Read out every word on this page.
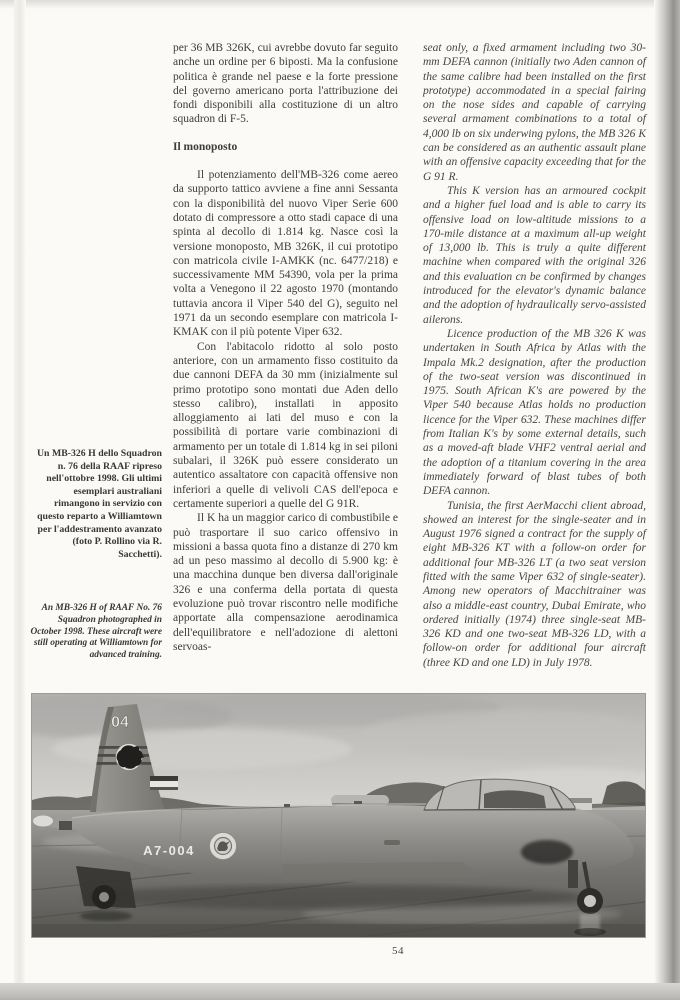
Un MB-326 H dello Squadron n. 76 della RAAF ripreso nell'ottobre 1998. Gli ultimi esemplari australiani rimangono in servizio con questo reparto a Williamtown per l'addestramento avanzato (foto P. Rollino via R. Sacchetti).
An MB-326 H of RAAF No. 76 Squadron photographed in October 1998. These aircraft were still operating at Williamtown for advanced training.

per 36 MB 326K, cui avrebbe dovuto far seguito anche un ordine per 6 biposti. Ma la confusione politica è grande nel paese e la forte pressione del governo americano porta l'attribuzione dei fondi disponibili alla costituzione di un altro squadron di F-5.

Il monoposto

Il potenziamento dell'MB-326 come aereo da supporto tattico avviene a fine anni Sessanta con la disponibilità del nuovo Viper Serie 600 dotato di compressore a otto stadi capace di una spinta al decollo di 1.814 kg. Nasce così la versione monoposto, MB 326K, il cui prototipo con matricola civile I-AMKK (nc. 6477/218) e successivamente MM 54390, vola per la prima volta a Venegono il 22 agosto 1970 (montando tuttavia ancora il Viper 540 del G), seguito nel 1971 da un secondo esemplare con matricola I-KMAK con il più potente Viper 632.

Con l'abitacolo ridotto al solo posto anteriore, con un armamento fisso costituito da due cannoni DEFA da 30 mm (inizialmente sul primo prototipo sono montati due Aden dello stesso calibro), installati in apposito alloggiamento ai lati del muso e con la possibilità di portare varie combinazioni di armamento per un totale di 1.814 kg in sei piloni subalari, il 326K può essere considerato un autentico assaltatore con capacità offensive non inferiori a quelle di velivoli CAS dell'epoca e certamente superiori a quelle del G 91R.

Il K ha un maggior carico di combustibile e può trasportare il suo carico offensivo in missioni a bassa quota fino a distanze di 270 km ad un peso massimo al decollo di 5.900 kg: è una macchina dunque ben diversa dall'originale 326 e una conferma della portata di questa evoluzione può trovar riscontro nelle modifiche apportate alla compensazione aerodinamica dell'equilibratore e nell'adozione di alettoni servoas-

seat only, a fixed armament including two 30-mm DEFA cannon (initially two Aden cannon of the same calibre had been installed on the first prototype) accommodated in a special fairing on the nose sides and capable of carrying several armament combinations to a total of 4,000 lb on six underwing pylons, the MB 326 K can be considered as an authentic assault plane with an offensive capacity exceeding that for the G 91 R.

This K version has an armoured cockpit and a higher fuel load and is able to carry its offensive load on low-altitude missions to a 170-mile distance at a maximum all-up weight of 13,000 lb. This is truly a quite different machine when compared with the original 326 and this evaluation cn be confirmed by changes introduced for the elevator's dynamic balance and the adoption of hydraulically servo-assisted ailerons.

Licence production of the MB 326 K was undertaken in South Africa by Atlas with the Impala Mk.2 designation, after the production of the two-seat version was discontinued in 1975. South African K's are powered by the Viper 540 because Atlas holds no production licence for the Viper 632. These machines differ from Italian K's by some external details, such as a moved-aft blade VHF2 ventral aerial and the adoption of a titanium covering in the area immediately forward of blast tubes of both DEFA cannon.

Tunisia, the first AerMacchi client abroad, showed an interest for the single-seater and in August 1976 signed a contract for the supply of eight MB-326 KT with a follow-on order for additional four MB-326 LT (a two seat version fitted with the same Viper 632 of single-seater). Among new operators of Macchitrainer was also a middle-east country, Dubai Emirate, who ordered initially (1974) three single-seat MB-326 KD and one two-seat MB-326 LD, with a follow-on order for additional four aircraft (three KD and one LD) in July 1978.

04
A7-004
54
